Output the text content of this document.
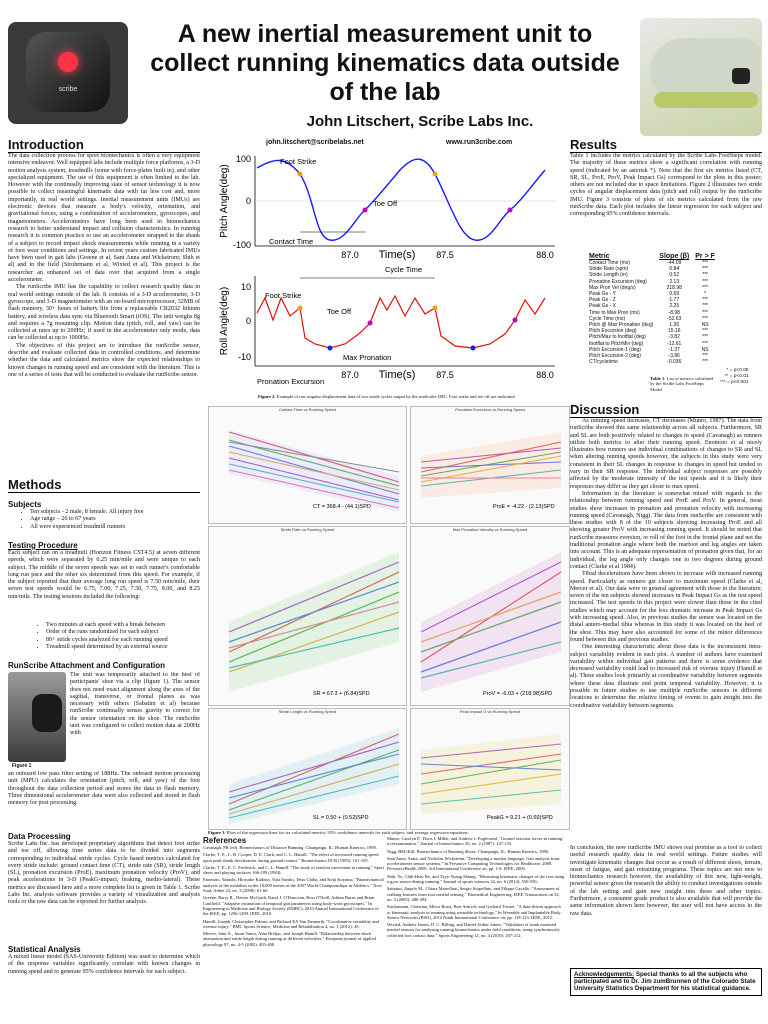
scribe
A new inertial measurement unit to collect running kinematics data outside of the lab
John Litschert, Scribe Labs Inc.
john.litschert@scribelabs.net	www.run3cribe.com
Introduction

The data collection process for sport biomechanics is often a very equipment intensive endeavor. Well equipped labs include multiple force platforms, a 3-D motion analysis system, treadmills (some with force-plates built in), and other specialized equipment. The use of this equipment is often limited to the lab. However with the continually improving state of sensor technology it is now possible to collect meaningful kinematic data with far less cost and, more importantly, in real world settings. Inertial measurement units (IMUs) are electronic devices that measure a body's velocity, orientation, and gravitational forces, using a combination of accelerometers, gyroscopes, and magnetometers. Accelerometers have long been used in biomechanics research to better understand impact and collision characteristics. In running research it is common practice to use an accelerometer strapped to the shank of a subject to record impact shock measurements while running in a variety of foot wear conditions and settings. In recent years custom fabricated IMUs have been used in gait labs (Greene et al, Sant Anna and Wickstrom; Shih et al) and in the field (Strohrmann et al, Wixted et al). This project is the researcher an enhanced set of data over that acquired from a single accelerometer.

The runScribe IMU has the capability to collect research quality data in real world settings outside of the lab. It consists of a 3-D accelerometer, 3-D gyroscope, and 3-D magnetometer with an on-board microprocessor, 32MB of flash memory, 30+ hours of battery life from a replaceable CR2032 lithium battery, and wireless data sync via Bluetooth Smart (iOS). The unit weighs 8g and requires a 7g mounting clip. Motion data (pitch, roll, and yaw) can be collected at rates up to 200Hz; if used in the accelerometer only mode, data can be collected at up to 1000Hz.

The objectives of this project are to introduce the runScribe sensor, describe and evaluate collected data in controlled conditions, and determine whether the data and calculated metrics show the expected relationships to known changes in running speed and are consistent with the literature. This is one of a series of tests that will be conducted to evaluate the runScribe sensor.

Methods
Subjects
• Ten subjects - 2 male, 8 female. All injury free
• Age range – 26 to 67 years
• All were experienced treadmill runners
Testing Procedure
Each subject ran on a treadmill (Horizon Fitness CST4.5) at seven different speeds, which were separated by 0.25 min/mile and were unique to each subject. The middle of the seven speeds was set to each runner's comfortable long run pace and the other six determined from this speed. For example, if the subject reported that their average long run speed is 7.50 min/mile, their seven test speeds would be 6.75, 7.00, 7.25, 7.50, 7.75, 8.00, and 8.25 min/mile. The testing sessions included the following:
• Two minutes at each speed with a break between
• Order of the runs randomized for each subject
• 80+ stride cycles analyzed for each running speed
• Treadmill speed determined by an external source
RunScribe Attachment and Configuration
Figure 1
The unit was temporarily attached to the heel of participants' shoe via a clip (figure 1). The sensor does not need exact alignment along the axes of the sagittal, transverse, or frontal planes as was necessary with others (Sabatini et al) because runScribe continually senses gravity to correct for the sensor orientation on the shoe. The runScribe unit was configured to collect motion data at 200Hz with
an onboard low pass filter setting of 188Hz. The onboard motion processing unit (MPU) calculates the orientation (pitch, roll, and yaw) of the foot throughout the data collection period and stores the data to flash memory. Three dimensional accelerometer data were also collected and stored in flash memory for post processing.
Data Processing
Scribe Labs Inc. has developed proprietary algorithms that detect foot strike and toe off, allowing time series data to be divided into segments corresponding to individual stride cycles. Cycle based metrics calculated for every stride include: ground contact time (CT), stride rate (SR), stride length (SL), pronation excursion (ProE), maximum pronation velocity (ProV), and peak accelerations in 3-D (PeakG-impact, braking, medio-lateral). These metrics are discussed here and a more complete list is given in Table 1. Scribe Labs Inc. analysis software provides a variety of visualization and analysis tools or the raw data can be exported for further analysis.
Statistical Analysis
A mixed linear model (SAS-University Edition) was used to determine which of the response variables significantly correlate with known changes in running speed and to generate 95% confidence intervals for each subject.
100
0
-100
Pitch Angle(deg)
Foot Strike
Toe Off
Contact Time
87.0	87.5	88.0
Time(s)
Cycle Time
10
0
-10
Roll Angle(deg)	Foot Strike
Toe Off
Max Pronation
Pronation Excursion
87.0	87.5	88.0
Time(s)
Figure 2: Example of raw angular displacement data of two stride cycles output by the runScribe IMU. Foot strike and toe off are indicated.
Contact Time vs Running Speed
CT = 368.4 - (44.1)SPD
Pronation Excursion vs Running Speed
ProE = -4.22 - (2.13)SPD
Stride Rate vs Running Speed
SR = 67.3 + (6.84)SPD
Max Pronation Velocity vs Running Speed
ProV = -6.03 + (218.98)SPD
Stride Length vs Running Speed
SL = 0.50 + (0.52)SPD
Peak Impact G vs Running Speed
PeakG = 9.21 + (0.69)SPD
Figure 3: Plots of the regression lines for six calculated metrics; 95% confidence intervals for each subject, and average regression equations.
References

Cavanagh, PR (ed). Biomechanics of Distance Running. Champaign, IL: Human Kinetics, 1990.

Clarke, T. E., L. B. Cooper, D. E. Clark, and C. L. Hamill. "The effect of increased running speed upon peak shank deceleration during ground contact." Biomechanics IX-B (1985): 101-105.

Clarke, T. E., E. C. Frederick, and C. L. Hamill. "The study of rearfoot movement in running." Sport shoes and playing surfaces 166-189 (1984).

Enomoto, Yasushi, Hirosuke Kadono, Yuta Suzuki, Tetsu Chiba, and Keiji Koyama. "Biomechanical analysis of the medalists in the 10,000 metres at the 2007 World Championships in Athletics." New Stud. Athlet 23, no. 3 (2008): 61-66.

Greene, Barry R., Denise McGrath, Karol J. O'Donovan, Ross O'Neill, Adrian Burns and Brian Caulfield. "Adaptive estimation of temporal gait parameters using body-worn gyroscopes." In Engineering in Medicine and Biology Society (EMBC), 2010 Annual International Conference of the IEEE, pp. 1296-1299. IEEE, 2010.

Hamill, Joseph, Christopher Palmer, and Richard EA Van Emmerik. "Coordinative variability and overuse injury." BMC Sports Science, Medicine and Rehabilitation 4, no. 1 (2012): 45.

Mercer, John A., Jason Vance, Alan Hreljac, and Joseph Hamill. "Relationship between shock attenuation and stride length during running at different velocities." European journal of applied physiology 87, no. 4-5 (2002): 403-408.

Munro, Carolyn F., Doris I. Miller, and Andrew J. Fuglevand. "Ground reaction forces in running: a reexamination." Journal of biomechanics 20, no. 2 (1987): 147-155.

Nigg, BM (Ed). Biomechanics of Running Shoes. Champaign, IL: Human Kinetics, 1986.

Sant'Anna, Anita, and Nicholas Wickström. "Developing a motion language: Gait analysis from accelerometer sensor systems." In Pervasive Computing Technologies for Healthcare, 2009. PervasiveHealth 2009. 3rd International Conference on, pp. 1-8. IEEE, 2009.

Shih, Yo, Chih-Hsiu Ho, and Tzyy-Yuang Shiang. "Measuring kinematic changes of the foot using a gyro sensor during running." Journal of sports sciences 32, no. 6 (2014): 550-556.

Sabatini, Angelo M., Chiara Martelloni, Sergio Scapellato, and Filippo Cavallo. "Assessment of walking features from foot inertial sensing." Biomedical Engineering, IEEE Transactions on 52, no. 3 (2005): 486-494.

Strohrmann, Christina, Mirco Rossi, Bert Arnrich, and Gerhard Troster. "A data-driven approach to kinematic analysis in running using wearable technology." In Wearable and Implantable Body Sensor Networks (BSN), 2012 Ninth International Conference on, pp. 118-123. IEEE, 2012.

Wixted, Andrew James, D. C. Billing, and Daniel Arthur James. "Validation of trunk mounted inertial sensors for analysing running biomechanics under field conditions, using synchronously collected foot contact data." Sports Engineering 12, no. 4 (2010): 207-212.

Results
Table 1 includes the metrics calculated by the Scribe Labs FootSteps model. The majority of these metrics show a significant correlation with running speed (indicated by an asterisk *). Note that the first six metrics listed (CT, SR, SL, ProE, ProV, Peak Impact Gs) correspond to the plots in this poster; others are not included due to space limitations. Figure 2 illustrates two stride cycles of angular displacement data (pitch and roll) output by the runScribe IMU. Figure 3 consists of plots of six metrics calculated from the raw runScribe data. Each plot includes the linear regression for each subject and corresponding 95% confidence intervals.
Metric	Slope (β)	Pr > F
Contact Time (ms)	-44.09	***
Stride Rate (spm)	6.84	***
Stride Length (m)	0.52	***
Pronation Excursion (deg)	2.13	***
Max Pron Vel (deg/s)	218.98	***
Peak Gs - Y	0.69	*
Peak Gs - Z	1.77	***
Peak Gs - X	2.25	***
Time to Max Pron (ms)	-8.98	***
Cycle Time (ms)	-52.63	***
Pitch @ Max Pronation (deg)	1.36	NS
Pitch Excursion (deg)	15.16	***
Pitch/Max to footflat (deg)	-3.82	***
footflat to PitchMin (deg)	-12.61	***
Pitch Excursion-1 (deg)	-1.37	NS
Pitch Excursion-2 (deg)	-3.86	***
CT/cycletime	-0.036	***
* = p<0.05
** = p<0.01
*** = p<0.001
Table 1: List of metrics calculated by the Scribe Labs FootSteps Model.
Discussion

As running speed increases, CT decreases (Munro, 1987). The data from runScribe showed this same relationship across all subjects. Furthermore, SR and SL are both positively related to changes in speed (Cavanagh) as runners utilize both metrics to alter their running speed. Enomoto et al nicely illustrates how runners use individual combinations of changes to SR and SL when altering running speeds however, the subjects in this study were very consistent in their SL changes in response to changes in speed but tended to vary in their SR response. The individual subject responses are possibly affected by the moderate intensity of the test speeds and it is likely their responses may differ as they get closer to max speed.

Information in the literature is somewhat mixed with regards to the relationship between running speed and ProE and ProV. In general, most studies show increases in pronation and pronation velocity with increasing running speed (Cavanagh, Nigg). The data from runScribe are consistent with these studies with 8 of the 10 subjects showing increasing ProE and all showing greater ProV with increasing running speed. It should be noted that runScribe measures eversion, or roll of the foot in the frontal plane and not the traditional pronation angle where both the rearfoot and leg angles are taken into account. This is an adequate representation of pronation given that, for an individual, the leg angle only changes one to two degrees during ground contact (Clarke et al 1984).

Tibial decelerations have been shown to increase with increased running speed. Particularly as runners get closer to maximum speed (Clarke et al, Mercer et al). Our data were in general agreement with those in the literature; seven of the ten subjects showed increases in Peak Impact Gs as the test speed increased. The test speeds in this project were slower than those in the cited studies which may account for the less dramatic increase in Peak Impact Gs with increasing speed. Also, in previous studies the sensor was located on the distal antero-medial tibia whereas in this study it was located on the heel of the shoe. This may have also accounted for some of the minor differences found between this and previous studies.

One interesting characteristic about these data is the inconsistent intra-subject variability evident in each plot. A number of authors have examined variability within individual gait patterns and there is some evidence that decreased variability could lead to increased risk of overuse injury (Hamill et al). These studies look primarily at coordinative variability between segments where these data illustrate end point temporal variability. However, it is possible in future studies to use multiple runScribe sensors in different locations to determine the relative timing of events to gain insight into the coordinative variability between segments.

In conclusion, the new runScribe IMU shows real promise as a tool to collect useful research quality data in real world settings. Future studies will investigate kinematic changes that occur as a result of different shoes, terrain, onset of fatigue, and gait retraining programs. These topics are not new to biomechanics research however, the availability of this new, light-weight, powerful sensor gives the research the ability to conduct investigations outside of the lab setting and gain new insight into these and other topics. Furthermore, a consumer grade product is also available that will provide the same information shown here however, the user will not have access to the raw data.
Acknowledgements: Special thanks to all the subjects who participated and to Dr. Jim zumBrunnen of the Colorado State University Statistics Department for his statistical guidance.
